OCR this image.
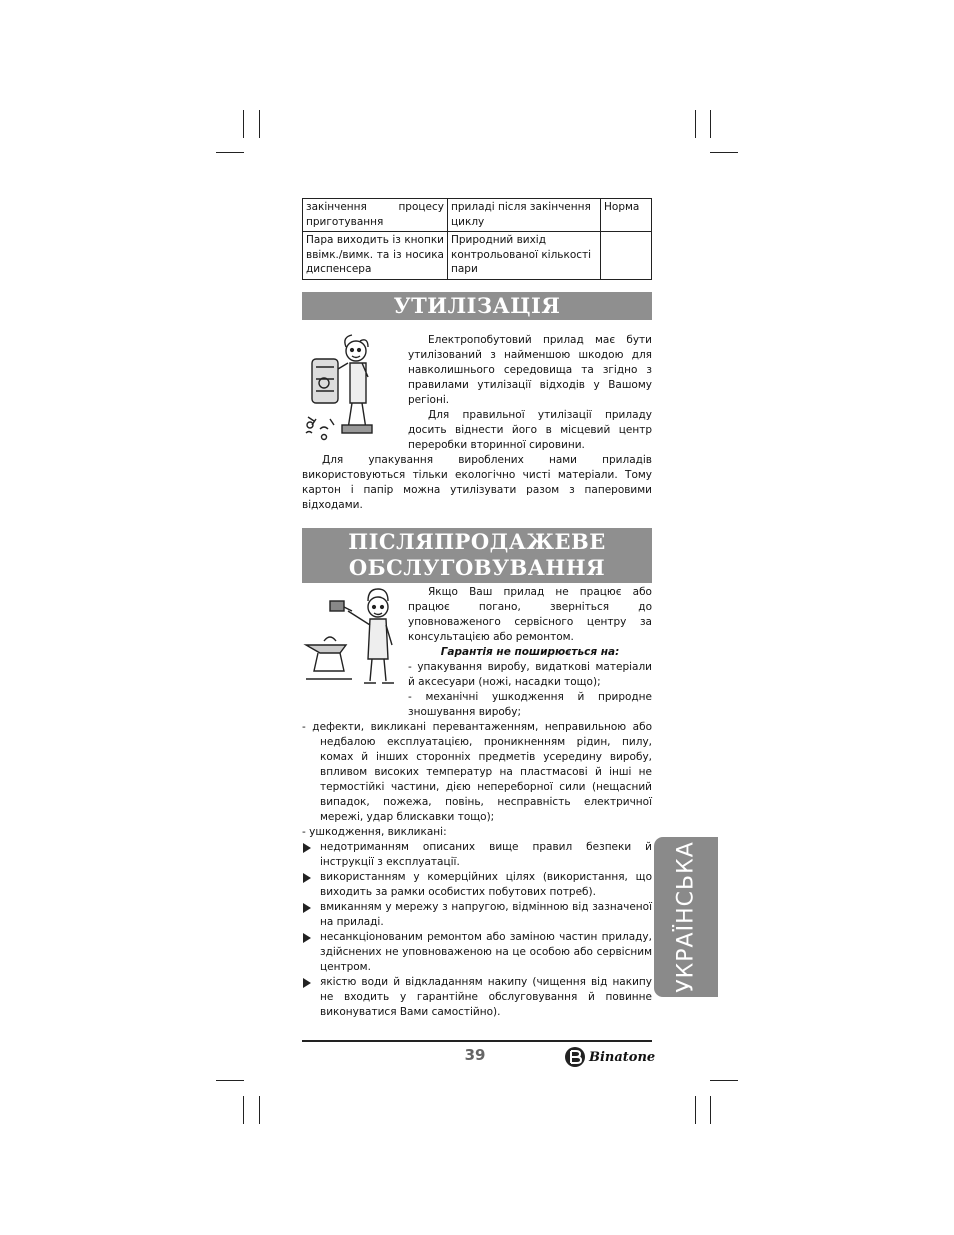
закінчення процесу приготування	приладі після закінчення циклу	Норма
Пара виходить із кнопки ввімк./вимк. та із носика диспенсера	Природний вихід контрольованої кількості пари	
УТИЛІЗАЦІЯ

Електропобутовий прилад має бути утилізований з найменшою шкодою для навколишнього середовища та згідно з правилами утилізації відходів у Вашому регіоні.

Для правильної утилізації приладу досить віднести його в місцевий центр переробки вторинної сировини.

Для упакування вироблених нами приладів використовуються тільки екологічно чисті матеріали. Тому картон і папір можна утилізувати разом з паперовими відходами.

ПІСЛЯПРОДАЖЕВЕ
ОБСЛУГОВУВАННЯ

Якщо Ваш прилад не працює або працює погано, зверніться до уповноваженого сервісного центру за консультацією або ремонтом.

Гарантія не поширюється на:

- упакування виробу, видаткові матеріали й аксесуари (ножі, насадки тощо);

- механічні ушкодження й природне зношування виробу;

- дефекти, викликані перевантаженням, неправильною або недбалою експлуатацією, проникненням рідин, пилу, комах й інших сторонніх предметів усередину виробу, впливом високих температур на пластмасові й інші не термостійкі частини, дією непереборної сили (нещасний випадок, пожежа, повінь, несправність електричної мережі, удар блискавки тощо);

- ушкодження, викликані:

недотриманням описаних вище правил безпеки й інструкції з експлуатації.
використанням у комерційних цілях (використання, що виходить за рамки особистих побутових потреб).
вмиканням у мережу з напругою, відмінною від зазначеної на приладі.
несанкціонованим ремонтом або заміною частин приладу, здійснених не уповноваженою на це особою або сервісним центром.
якістю води й відкладанням накипу (чищення від накипу не входить у гарантійне обслуговування й повинне виконуватися Вами самостійно).
УКРАЇНСЬКА
39	Binatone
